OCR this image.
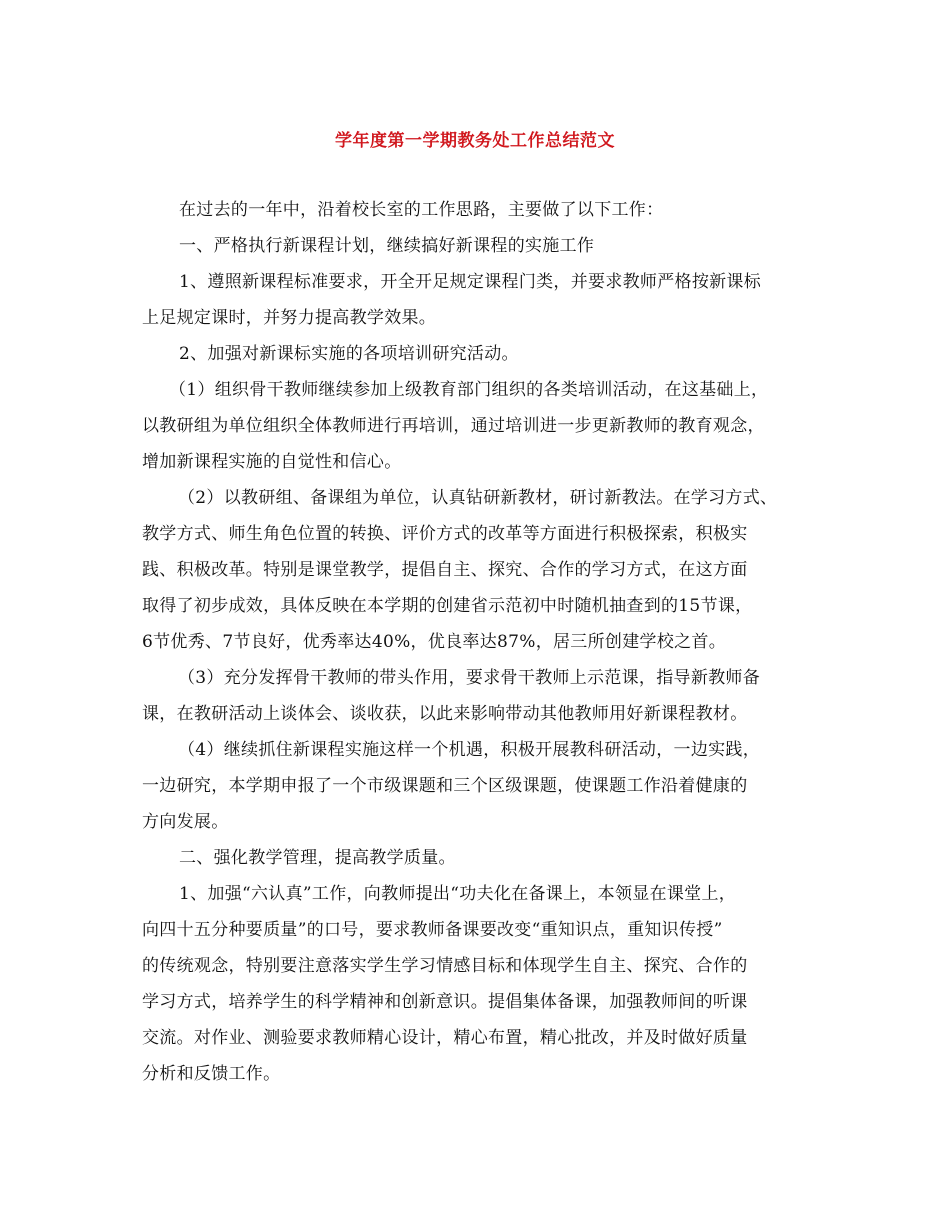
学年度第一学期教务处工作总结范文
在过去的一年中，沿着校长室的工作思路，主要做了以下工作：
一、严格执行新课程计划，继续搞好新课程的实施工作
1、遵照新课程标准要求，开全开足规定课程门类，并要求教师严格按新课标
上足规定课时，并努力提高教学效果。
2、加强对新课标实施的各项培训研究活动。
（1）组织骨干教师继续参加上级教育部门组织的各类培训活动，在这基础上，
以教研组为单位组织全体教师进行再培训，通过培训进一步更新教师的教育观念，
增加新课程实施的自觉性和信心。
（2）以教研组、备课组为单位，认真钻研新教材，研讨新教法。在学习方式、
教学方式、师生角色位置的转换、评价方式的改革等方面进行积极探索，积极实
践、积极改革。特别是课堂教学，提倡自主、探究、合作的学习方式，在这方面
取得了初步成效，具体反映在本学期的创建省示范初中时随机抽查到的15节课，
6节优秀、7节良好，优秀率达40%，优良率达87%，居三所创建学校之首。
（3）充分发挥骨干教师的带头作用，要求骨干教师上示范课，指导新教师备
课，在教研活动上谈体会、谈收获，以此来影响带动其他教师用好新课程教材。
（4）继续抓住新课程实施这样一个机遇，积极开展教科研活动，一边实践，
一边研究，本学期申报了一个市级课题和三个区级课题，使课题工作沿着健康的
方向发展。
二、强化教学管理，提高教学质量。
1、加强“六认真”工作，向教师提出“功夫化在备课上，本领显在课堂上，
向四十五分种要质量”的口号，要求教师备课要改变“重知识点，重知识传授”
的传统观念，特别要注意落实学生学习情感目标和体现学生自主、探究、合作的
学习方式，培养学生的科学精神和创新意识。提倡集体备课，加强教师间的听课
交流。对作业、测验要求教师精心设计，精心布置，精心批改，并及时做好质量
分析和反馈工作。
